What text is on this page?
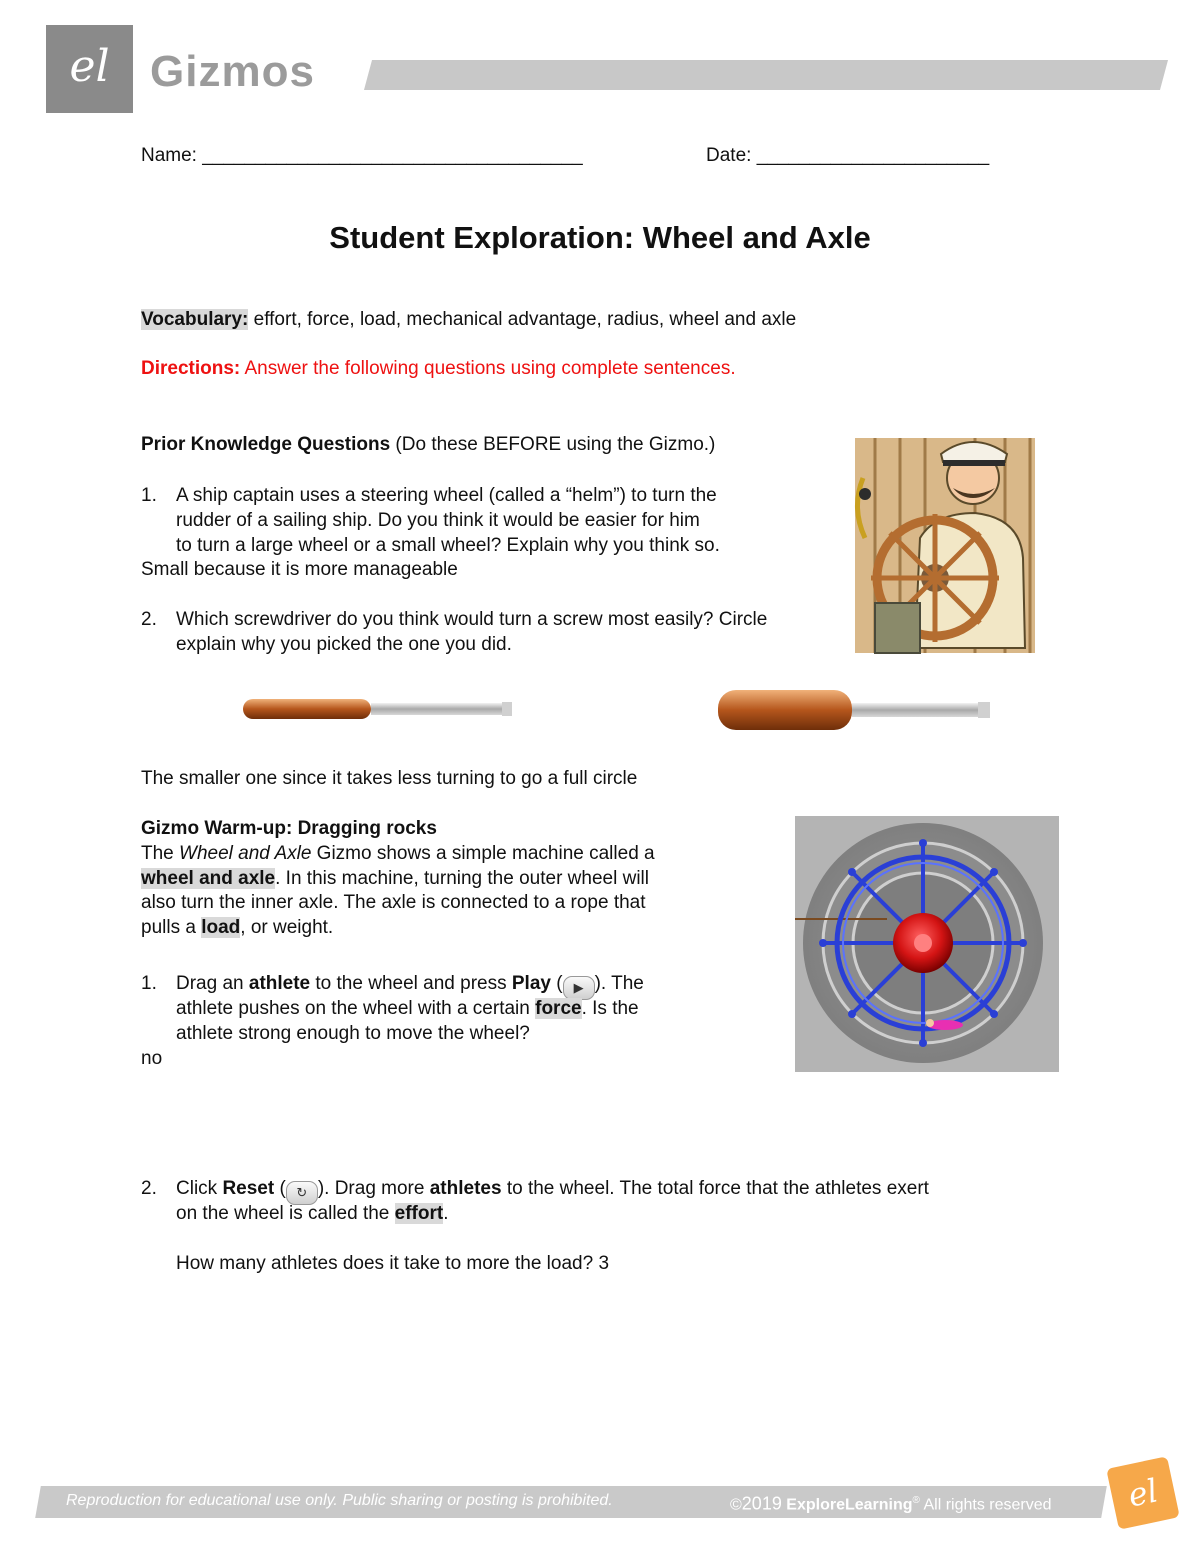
el Gizmos
Name: ____________________________________	Date: ______________________
Student Exploration: Wheel and Axle
Vocabulary: effort, force, load, mechanical advantage, radius, wheel and axle
Directions: Answer the following questions using complete sentences.
Prior Knowledge Questions (Do these BEFORE using the Gizmo.)
1. A ship captain uses a steering wheel (called a “helm”) to turn the
rudder of a sailing ship. Do you think it would be easier for him
to turn a large wheel or a small wheel? Explain why you think so.
Small because it is more manageable
2. Which screwdriver do you think would turn a screw most easily? Circle
explain why you picked the one you did.
The smaller one since it takes less turning to go a full circle
Gizmo Warm-up: Dragging rocks
The Wheel and Axle Gizmo shows a simple machine called a
wheel and axle. In this machine, turning the outer wheel will
also turn the inner axle. The axle is connected to a rope that
pulls a load, or weight.
1. Drag an athlete to the wheel and press Play ( ▶ ). The
athlete pushes on the wheel with a certain force. Is the
athlete strong enough to move the wheel?
no
2. Click Reset ( ↻ ). Drag more athletes to the wheel. The total force that the athletes exert
on the wheel is called the effort.
How many athletes does it take to more the load? 3
Reproduction for educational use only. Public sharing or posting is prohibited.	©2019 ExploreLearning® All rights reserved	el
